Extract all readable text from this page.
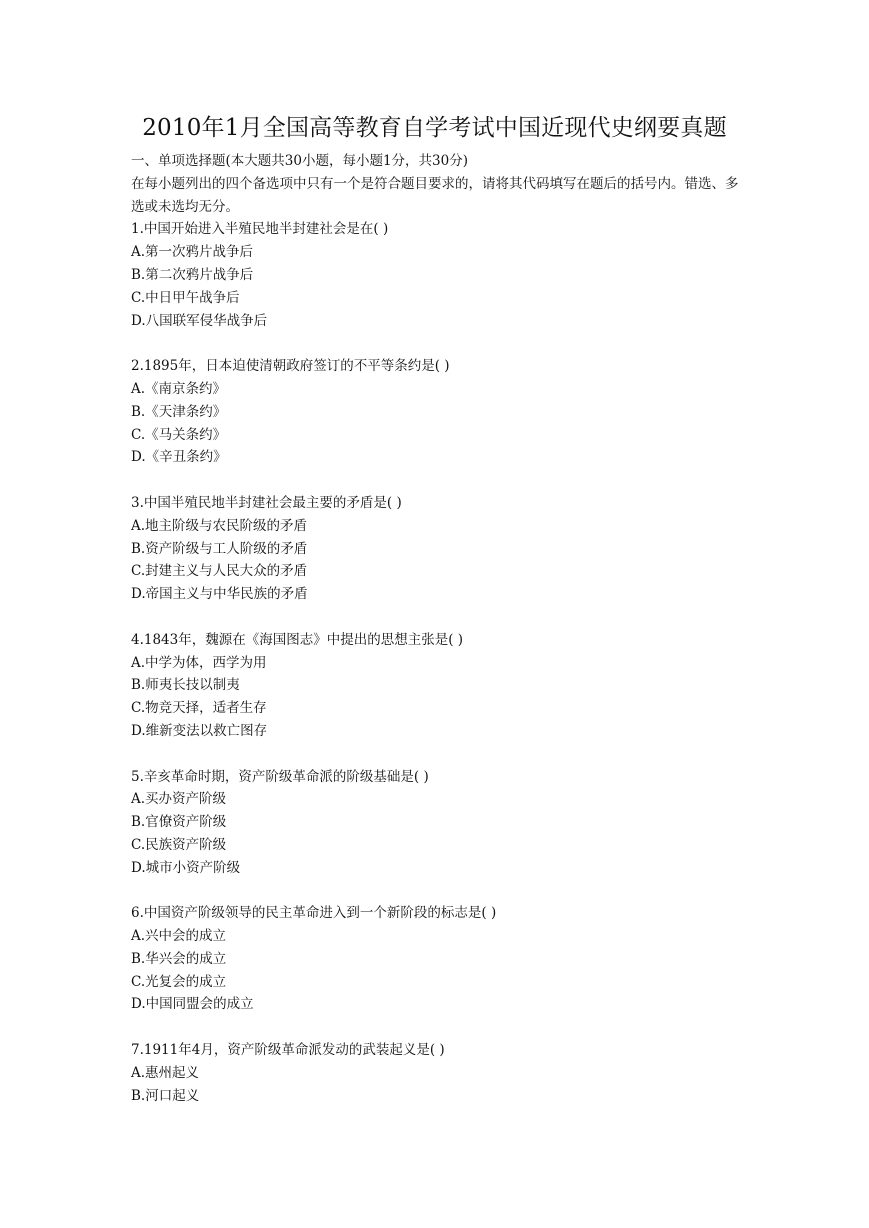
2010年1月全国高等教育自学考试中国近现代史纲要真题
一、单项选择题(本大题共30小题，每小题1分，共30分)
在每小题列出的四个备选项中只有一个是符合题目要求的，请将其代码填写在题后的括号内。错选、多选或未选均无分。
1.中国开始进入半殖民地半封建社会是在( )
A.第一次鸦片战争后
B.第二次鸦片战争后
C.中日甲午战争后
D.八国联军侵华战争后
2.1895年，日本迫使清朝政府签订的不平等条约是( )
A.《南京条约》
B.《天津条约》
C.《马关条约》
D.《辛丑条约》
3.中国半殖民地半封建社会最主要的矛盾是( )
A.地主阶级与农民阶级的矛盾
B.资产阶级与工人阶级的矛盾
C.封建主义与人民大众的矛盾
D.帝国主义与中华民族的矛盾
4.1843年，魏源在《海国图志》中提出的思想主张是( )
A.中学为体，西学为用
B.师夷长技以制夷
C.物竞天择，适者生存
D.维新变法以救亡图存
5.辛亥革命时期，资产阶级革命派的阶级基础是( )
A.买办资产阶级
B.官僚资产阶级
C.民族资产阶级
D.城市小资产阶级
6.中国资产阶级领导的民主革命进入到一个新阶段的标志是( )
A.兴中会的成立
B.华兴会的成立
C.光复会的成立
D.中国同盟会的成立
7.1911年4月，资产阶级革命派发动的武装起义是( )
A.惠州起义
B.河口起义
